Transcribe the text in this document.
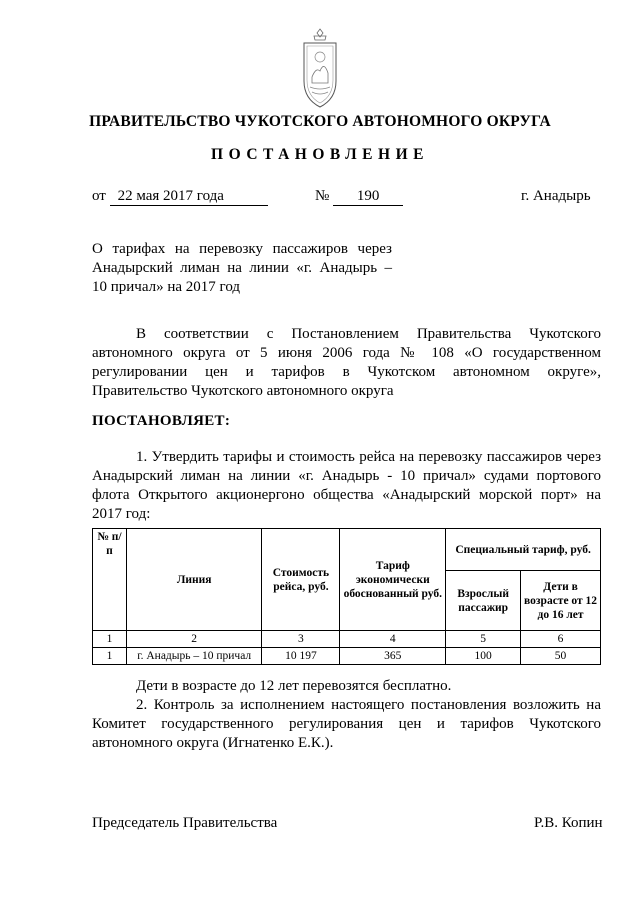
ПРАВИТЕЛЬСТВО ЧУКОТСКОГО АВТОНОМНОГО ОКРУГА
ПОСТАНОВЛЕНИЕ
от 22 мая 2017 года	№ 190	г. Анадырь
О тарифах на перевозку пассажиров через
Анадырский лиман на линии «г. Анадырь –
10 причал» на 2017 год
В соответствии с Постановлением Правительства Чукотского
автономного округа от 5 июня 2006 года № 108 «О государственном
регулировании цен и тарифов в Чукотском автономном округе»,
Правительство Чукотского автономного округа
ПОСТАНОВЛЯЕТ:
1. Утвердить тарифы и стоимость рейса на перевозку пассажиров через
Анадырский лиман на линии «г. Анадырь - 10 причал» судами портового
флота Открытого акционергоно общества «Анадырский морской порт» на
2017 год:
№ п/п	Линия	Стоимость рейса, руб.	Тариф экономически обоснованный руб.	Специальный тариф, руб.	
				Взрослый пассажир	Дети в возрасте от 12 до 16 лет
1	2	3	4	5	6
1	г. Анадырь – 10 причал	10 197	365	100	50
Дети в возрасте до 12 лет перевозятся бесплатно.
2. Контроль за исполнением настоящего постановления возложить на
Комитет государственного регулирования цен и тарифов Чукотского
автономного округа (Игнатенко Е.К.).
Председатель Правительства	Р.В. Копин
